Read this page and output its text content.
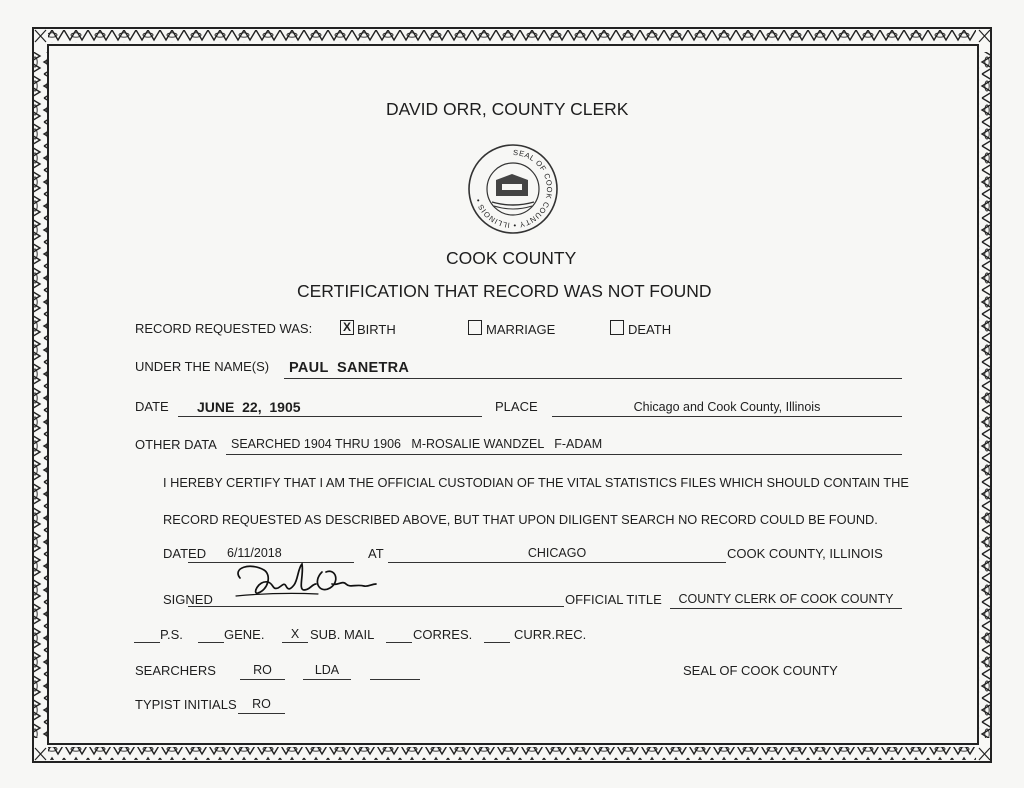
DAVID ORR, COUNTY CLERK
SEAL OF COOK COUNTY • ILLINOIS •
COOK COUNTY
CERTIFICATION THAT RECORD WAS NOT FOUND
RECORD REQUESTED WAS:	X BIRTH	MARRIAGE	DEATH
UNDER THE NAME(S) PAUL  SANETRA
DATE JUNE  22,  1905	PLACE	Chicago and Cook County, Illinois
OTHER DATA SEARCHED 1904 THRU 1906   M-ROSALIE WANDZEL   F-ADAM
I HEREBY CERTIFY THAT I AM THE OFFICIAL CUSTODIAN OF THE VITAL STATISTICS FILES WHICH SHOULD CONTAIN THE
RECORD REQUESTED AS DESCRIBED ABOVE, BUT THAT UPON DILIGENT SEARCH NO RECORD COULD BE FOUND.
DATED 6/11/2018	AT	CHICAGO	COOK COUNTY, ILLINOIS
SIGNED	OFFICIAL TITLE	COUNTY CLERK OF COOK COUNTY
P.S.	GENE.	X SUB. MAIL	CORRES.	CURR.REC.
SEARCHERS	RO	LDA	SEAL OF COOK COUNTY
TYPIST INITIALS	RO
